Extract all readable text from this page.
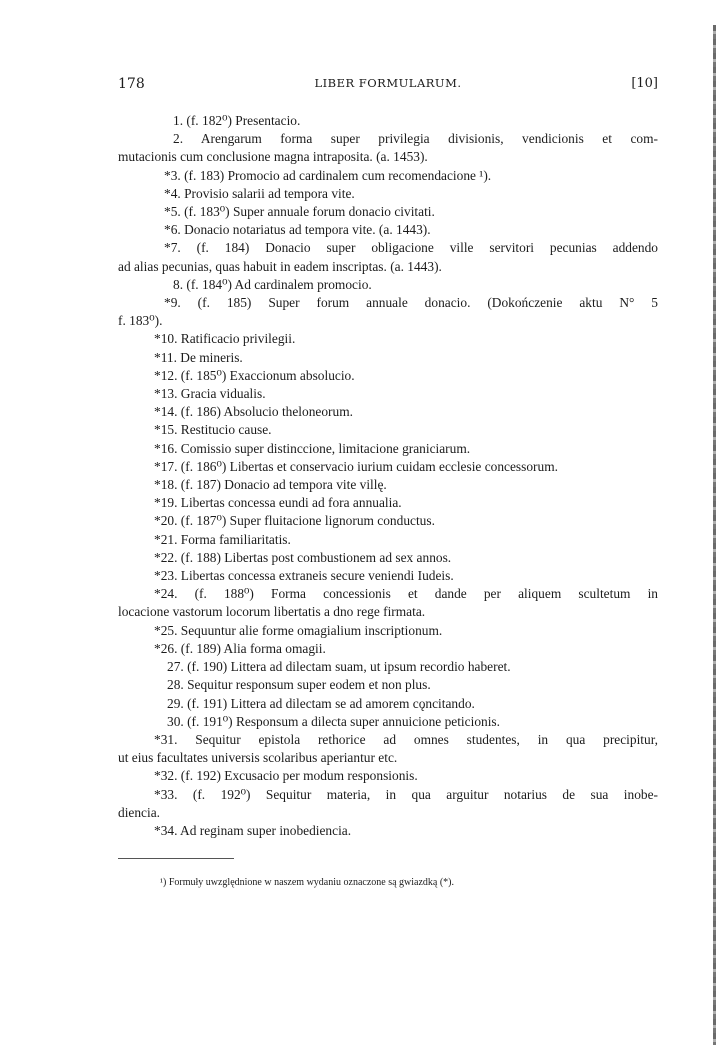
178	LIBER FORMULARUM.	[10]
1. (f. 182⁰) Presentacio.
2. Arengarum forma super privilegia divisionis, vendicionis et com-
mutacionis cum conclusione magna intraposita. (a. 1453).
*3. (f. 183) Promocio ad cardinalem cum recomendacione ¹).
*4. Provisio salarii ad tempora vite.
*5. (f. 183⁰) Super annuale forum donacio civitati.
*6. Donacio notariatus ad tempora vite. (a. 1443).
*7. (f. 184) Donacio super obligacione ville servitori pecunias addendo
ad alias pecunias, quas habuit in eadem inscriptas. (a. 1443).
8. (f. 184⁰) Ad cardinalem promocio.
*9. (f. 185) Super forum annuale donacio. (Dokończenie aktu N° 5
f. 183⁰).
*10. Ratificacio privilegii.
*11. De mineris.
*12. (f. 185⁰) Exaccionum absolucio.
*13. Gracia vidualis.
*14. (f. 186) Absolucio theloneorum.
*15. Restitucio cause.
*16. Comissio super distinccione, limitacione graniciarum.
*17. (f. 186⁰) Libertas et conservacio iurium cuidam ecclesie concessorum.
*18. (f. 187) Donacio ad tempora vite villę.
*19. Libertas concessa eundi ad fora annualia.
*20. (f. 187⁰) Super fluitacione lignorum conductus.
*21. Forma familiaritatis.
*22. (f. 188) Libertas post combustionem ad sex annos.
*23. Libertas concessa extraneis secure veniendi Iudeis.
*24. (f. 188⁰) Forma concessionis et dande per aliquem scultetum in
locacione vastorum locorum libertatis a dno rege firmata.
*25. Sequuntur alie forme omagialium inscriptionum.
*26. (f. 189) Alia forma omagii.
27. (f. 190) Littera ad dilectam suam, ut ipsum recordio haberet.
28. Sequitur responsum super eodem et non plus.
29. (f. 191) Littera ad dilectam se ad amorem cǫncitando.
30. (f. 191⁰) Responsum a dilecta super annuicione peticionis.
*31. Sequitur epistola rethorice ad omnes studentes, in qua precipitur,
ut eius facultates universis scolaribus aperiantur etc.
*32. (f. 192) Excusacio per modum responsionis.
*33. (f. 192⁰) Sequitur materia, in qua arguitur notarius de sua inobe-
diencia.
*34. Ad reginam super inobediencia.
¹) Formuły uwzględnione w naszem wydaniu oznaczone są gwiazdką (*).
